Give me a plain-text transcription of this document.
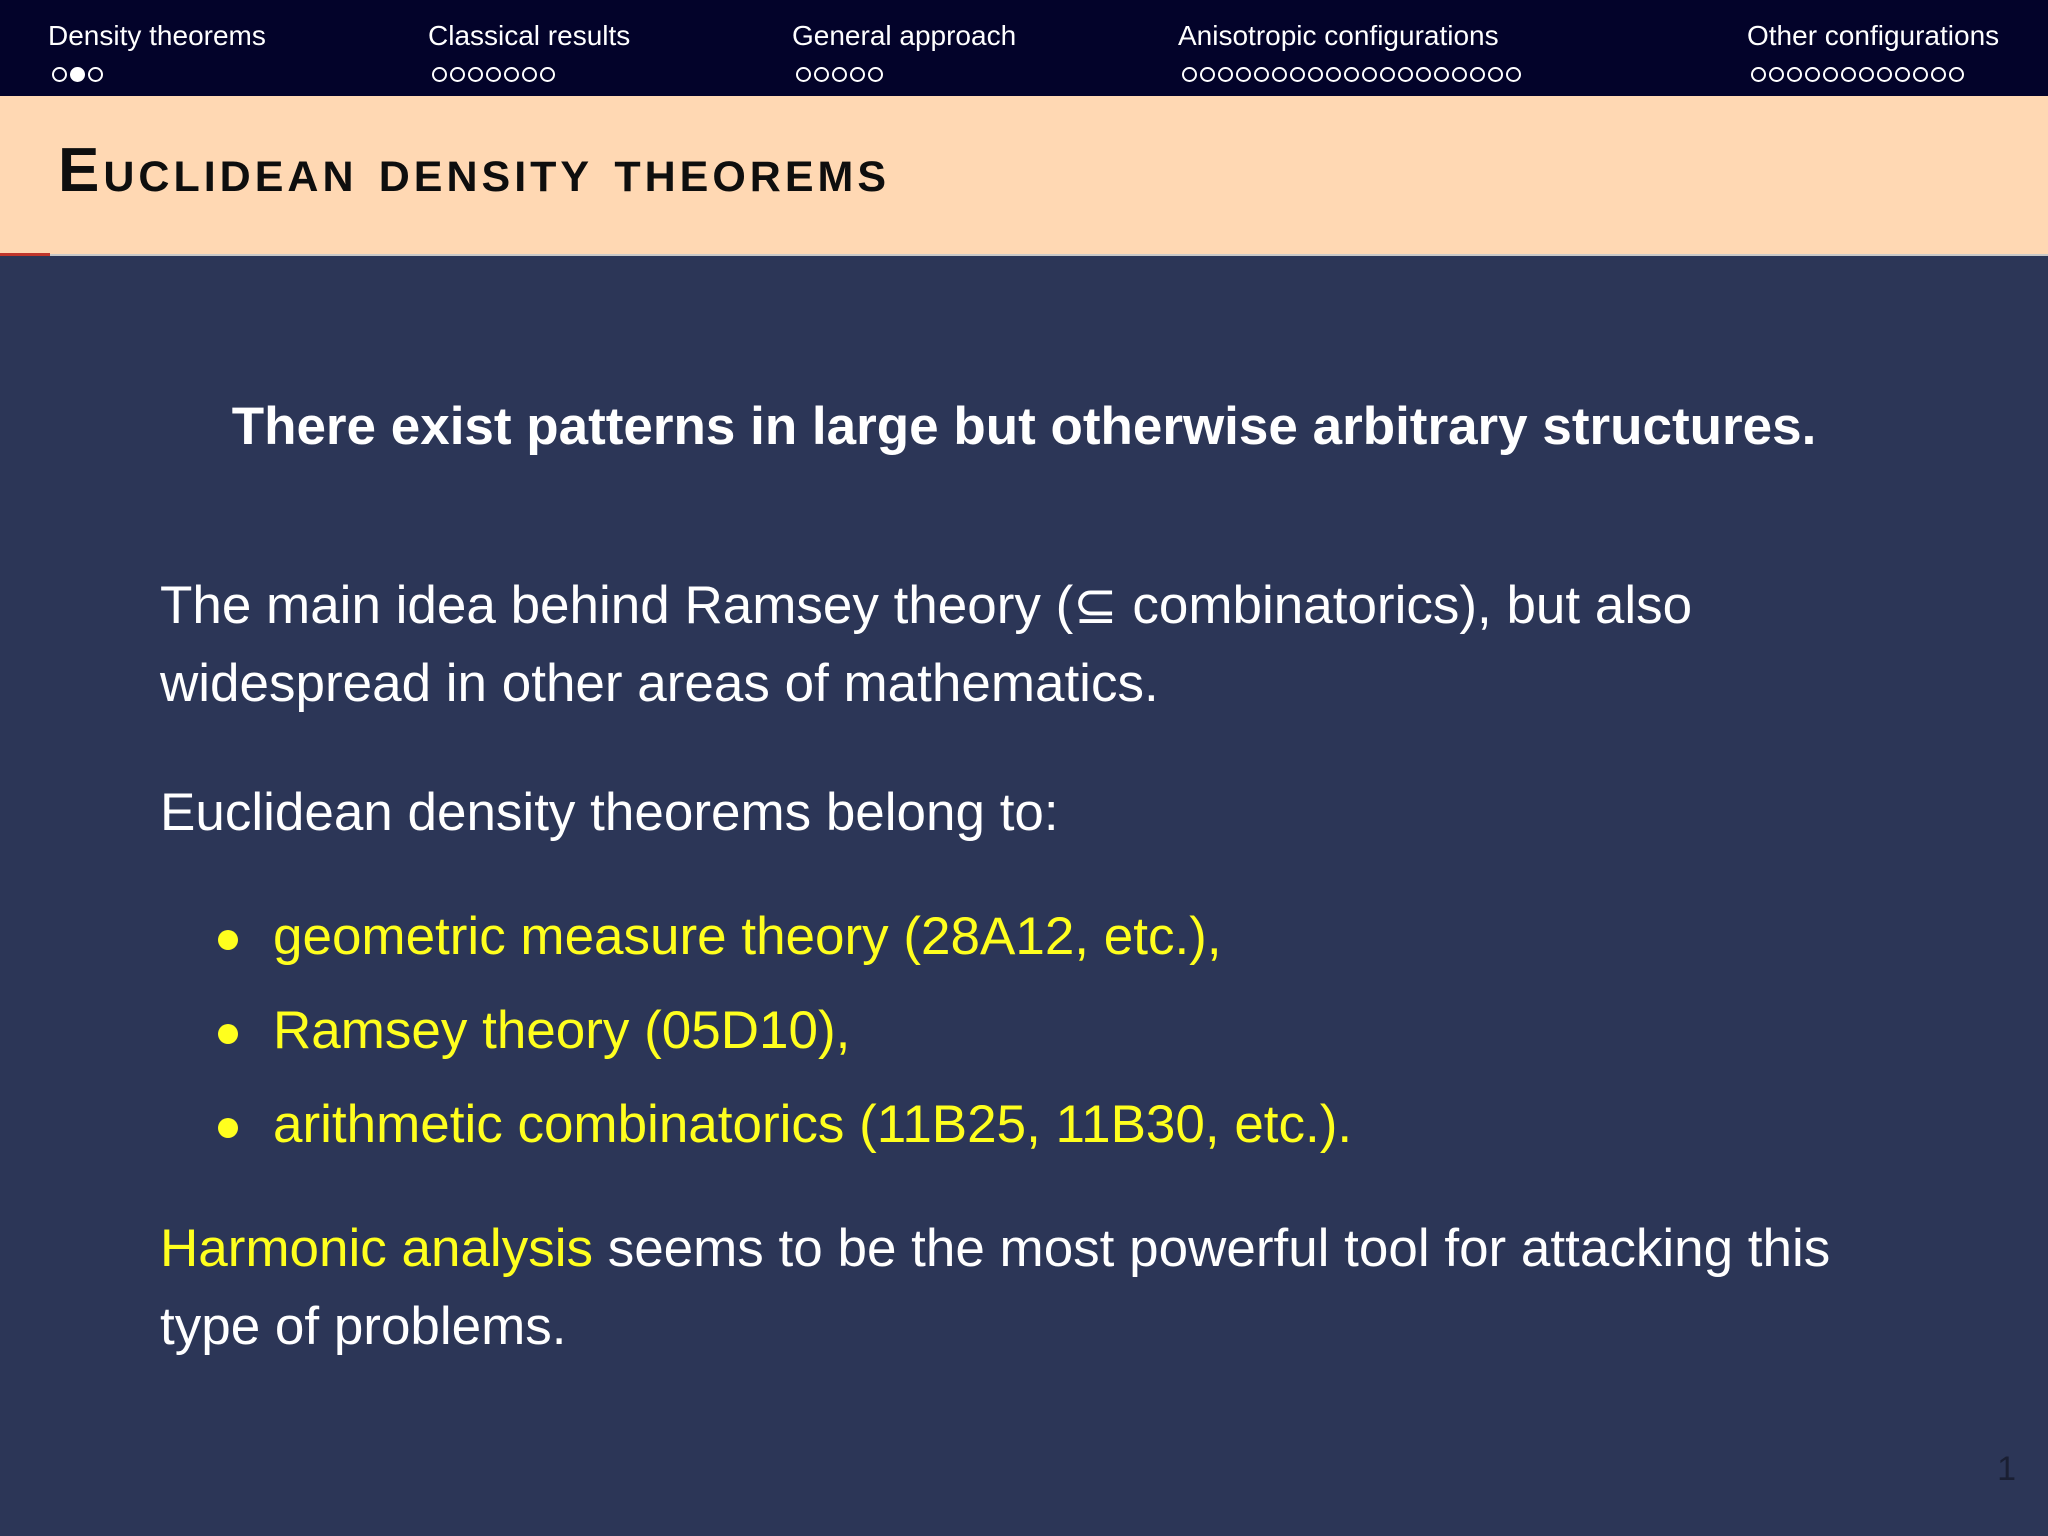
Density theorems	Classical results	General approach	Anisotropic configurations	Other configurations
Euclidean density theorems
There exist patterns in large but otherwise arbitrary structures.

The main idea behind Ramsey theory (⊆ combinatorics), but also widespread in other areas of mathematics.

Euclidean density theorems belong to:

geometric measure theory (28A12, etc.),
Ramsey theory (05D10),
arithmetic combinatorics (11B25, 11B30, etc.).

Harmonic analysis seems to be the most powerful tool for attacking this type of problems.

1
